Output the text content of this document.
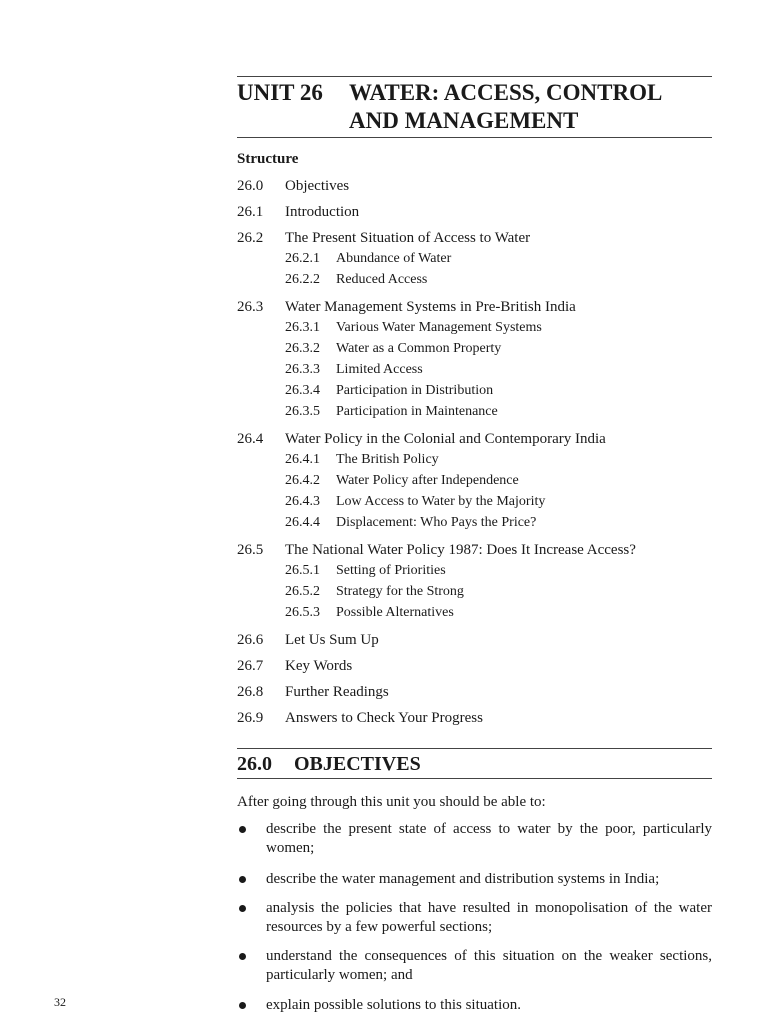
UNIT 26 WATER: ACCESS, CONTROL
AND MANAGEMENT
Structure
26.0 Objectives
26.1 Introduction
26.2 The Present Situation of Access to Water
26.2.1 Abundance of Water
26.2.2 Reduced Access
26.3 Water Management Systems in Pre-British India
26.3.1 Various Water Management Systems
26.3.2 Water as a Common Property
26.3.3 Limited Access
26.3.4 Participation in Distribution
26.3.5 Participation in Maintenance
26.4 Water Policy in the Colonial and Contemporary India
26.4.1 The British Policy
26.4.2 Water Policy after Independence
26.4.3 Low Access to Water by the Majority
26.4.4 Displacement: Who Pays the Price?
26.5 The National Water Policy 1987: Does It Increase Access?
26.5.1 Setting of Priorities
26.5.2 Strategy for the Strong
26.5.3 Possible Alternatives
26.6 Let Us Sum Up
26.7 Key Words
26.8 Further Readings
26.9 Answers to Check Your Progress
26.0 OBJECTIVES
After going through this unit you should be able to:
describe the present state of access to water by the poor, particularly women;
describe the water management and distribution systems in India;
analysis the policies that have resulted in monopolisation of the water resources by a few powerful sections;
understand the consequences of this situation on the weaker sections, particularly women; and
explain possible solutions to this situation.
32
